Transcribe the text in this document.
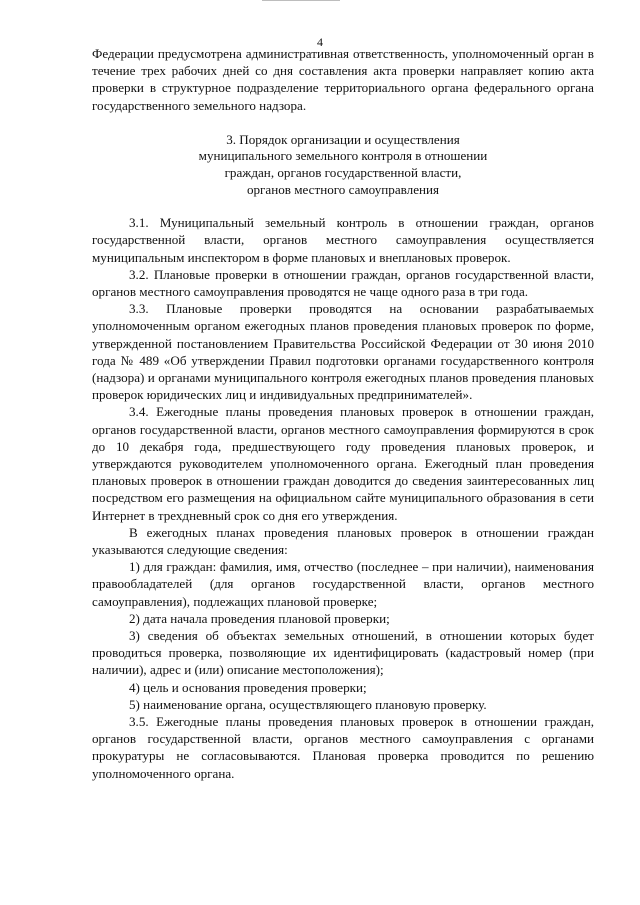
4

Федерации предусмотрена административная ответственность, уполномоченный орган в течение трех рабочих дней со дня составления акта проверки направляет копию акта проверки в структурное подразделение территориального органа федерального органа государственного земельного надзора.

3. Порядок организации и осуществления
муниципального земельного контроля в отношении
граждан, органов государственной власти,
органов местного самоуправления

3.1. Муниципальный земельный контроль в отношении граждан, органов государственной власти, органов местного самоуправления осуществляется муниципальным инспектором в форме плановых и внеплановых проверок.

3.2. Плановые проверки в отношении граждан, органов государственной власти, органов местного самоуправления проводятся не чаще одного раза в три года.

3.3. Плановые проверки проводятся на основании разрабатываемых уполномоченным органом ежегодных планов проведения плановых проверок по форме, утвержденной постановлением Правительства Российской Федерации от 30 июня 2010 года № 489 «Об утверждении Правил подготовки органами государственного контроля (надзора) и органами муниципального контроля ежегодных планов проведения плановых проверок юридических лиц и индивидуальных предпринимателей».

3.4. Ежегодные планы проведения плановых проверок в отношении граждан, органов государственной власти, органов местного самоуправления формируются в срок до 10 декабря года, предшествующего году проведения плановых проверок, и утверждаются руководителем уполномоченного органа. Ежегодный план проведения плановых проверок в отношении граждан доводится до сведения заинтересованных лиц посредством его размещения на официальном сайте муниципального образования в сети Интернет в трехдневный срок со дня его утверждения.

В ежегодных планах проведения плановых проверок в отношении граждан указываются следующие сведения:

1) для граждан: фамилия, имя, отчество (последнее – при наличии), наименования правообладателей (для органов государственной власти, органов местного самоуправления), подлежащих плановой проверке;

2) дата начала проведения плановой проверки;

3) сведения об объектах земельных отношений, в отношении которых будет проводиться проверка, позволяющие их идентифицировать (кадастровый номер (при наличии), адрес и (или) описание местоположения);

4) цель и основания проведения проверки;

5) наименование органа, осуществляющего плановую проверку.

3.5. Ежегодные планы проведения плановых проверок в отношении граждан, органов государственной власти, органов местного самоуправления с органами прокуратуры не согласовываются. Плановая проверка проводится по решению уполномоченного органа.
